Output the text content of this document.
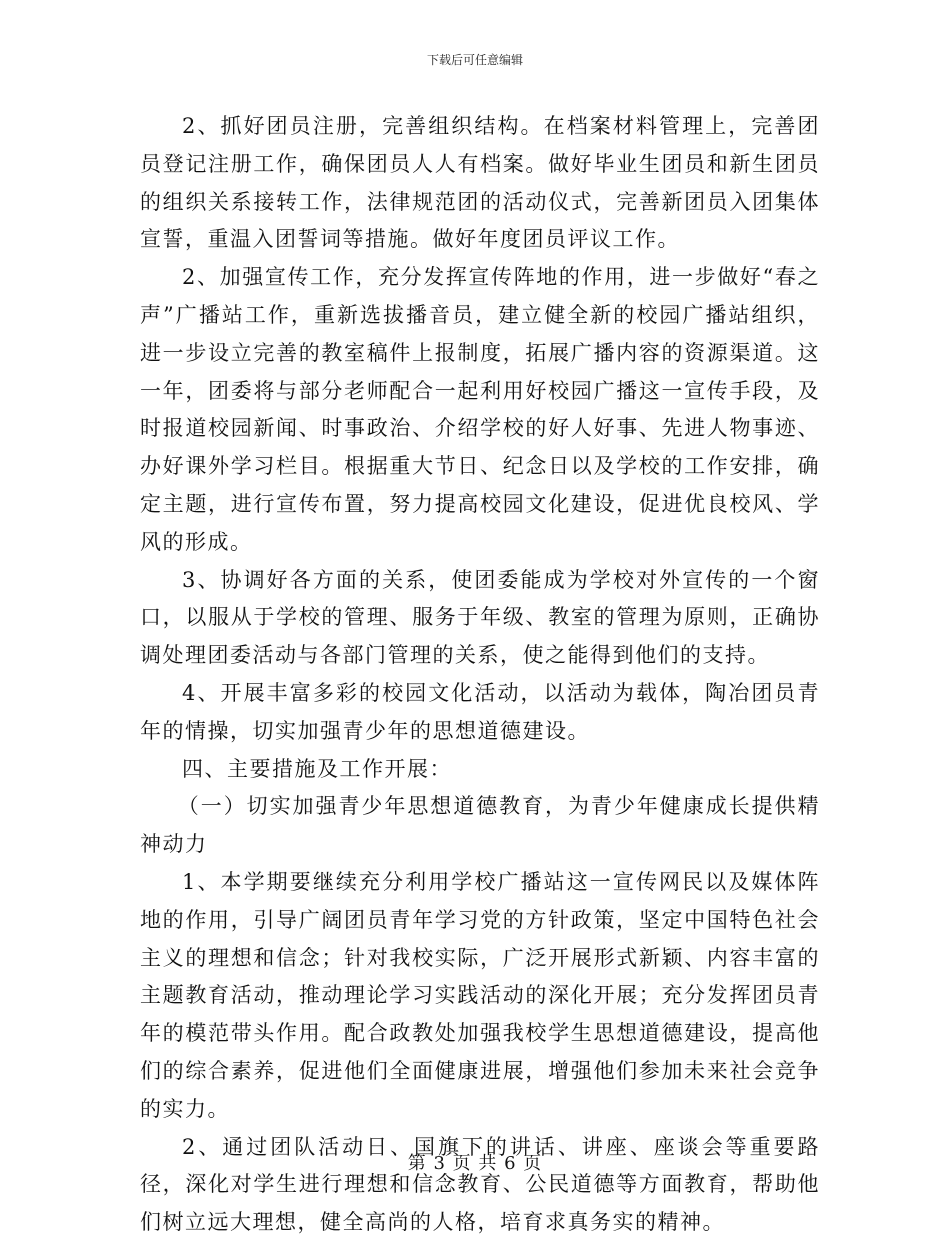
下载后可任意编辑

2、抓好团员注册，完善组织结构。在档案材料管理上，完善团员登记注册工作，确保团员人人有档案。做好毕业生团员和新生团员的组织关系接转工作，法律规范团的活动仪式，完善新团员入团集体宣誓，重温入团誓词等措施。做好年度团员评议工作。

2、加强宣传工作，充分发挥宣传阵地的作用，进一步做好“春之声”广播站工作，重新选拔播音员，建立健全新的校园广播站组织，进一步设立完善的教室稿件上报制度，拓展广播内容的资源渠道。这一年，团委将与部分老师配合一起利用好校园广播这一宣传手段，及时报道校园新闻、时事政治、介绍学校的好人好事、先进人物事迹、办好课外学习栏目。根据重大节日、纪念日以及学校的工作安排，确定主题，进行宣传布置，努力提高校园文化建设，促进优良校风、学风的形成。

3、协调好各方面的关系，使团委能成为学校对外宣传的一个窗口，以服从于学校的管理、服务于年级、教室的管理为原则，正确协调处理团委活动与各部门管理的关系，使之能得到他们的支持。

4、开展丰富多彩的校园文化活动，以活动为载体，陶冶团员青年的情操，切实加强青少年的思想道德建设。

四、主要措施及工作开展：

（一）切实加强青少年思想道德教育，为青少年健康成长提供精神动力

1、本学期要继续充分利用学校广播站这一宣传网民以及媒体阵地的作用，引导广阔团员青年学习党的方针政策，坚定中国特色社会主义的理想和信念；针对我校实际，广泛开展形式新颖、内容丰富的主题教育活动，推动理论学习实践活动的深化开展；充分发挥团员青年的模范带头作用。配合政教处加强我校学生思想道德建设，提高他们的综合素养，促进他们全面健康进展，增强他们参加未来社会竞争的实力。

2、通过团队活动日、国旗下的讲话、讲座、座谈会等重要路径，深化对学生进行理想和信念教育、公民道德等方面教育，帮助他们树立远大理想，健全高尚的人格，培育求真务实的精神。

第 3 页 共 6 页
